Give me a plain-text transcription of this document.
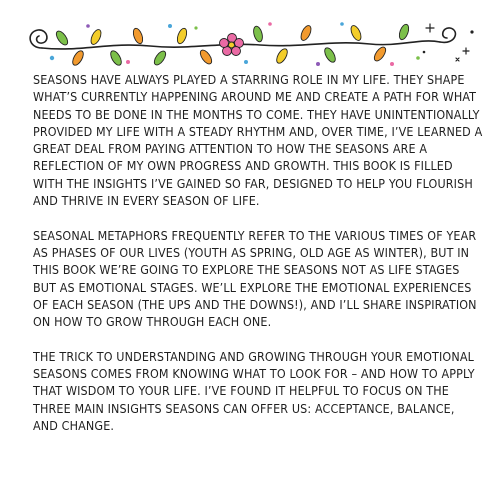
SEASONS HAVE ALWAYS PLAYED A STARRING ROLE IN MY LIFE. THEY SHAPE WHAT’S CURRENTLY HAPPENING AROUND ME AND CREATE A PATH FOR WHAT NEEDS TO BE DONE IN THE MONTHS TO COME. THEY HAVE UNINTENTIONALLY PROVIDED MY LIFE WITH A STEADY RHYTHM AND, OVER TIME, I’VE LEARNED A GREAT DEAL FROM PAYING ATTENTION TO HOW THE SEASONS ARE A REFLECTION OF MY OWN PROGRESS AND GROWTH. THIS BOOK IS FILLED WITH THE INSIGHTS I’VE GAINED SO FAR, DESIGNED TO HELP YOU FLOURISH AND THRIVE IN EVERY SEASON OF LIFE.

SEASONAL METAPHORS FREQUENTLY REFER TO THE VARIOUS TIMES OF YEAR AS PHASES OF OUR LIVES (YOUTH AS SPRING, OLD AGE AS WINTER), BUT IN THIS BOOK WE’RE GOING TO EXPLORE THE SEASONS NOT AS LIFE STAGES BUT AS EMOTIONAL STAGES. WE’LL EXPLORE THE EMOTIONAL EXPERIENCES OF EACH SEASON (THE UPS AND THE DOWNS!), AND I’LL SHARE INSPIRATION ON HOW TO GROW THROUGH EACH ONE.

THE TRICK TO UNDERSTANDING AND GROWING THROUGH YOUR EMOTIONAL SEASONS COMES FROM KNOWING WHAT TO LOOK FOR – AND HOW TO APPLY THAT WISDOM TO YOUR LIFE. I’VE FOUND IT HELPFUL TO FOCUS ON THE THREE MAIN INSIGHTS SEASONS CAN OFFER US: ACCEPTANCE, BALANCE, AND CHANGE.
